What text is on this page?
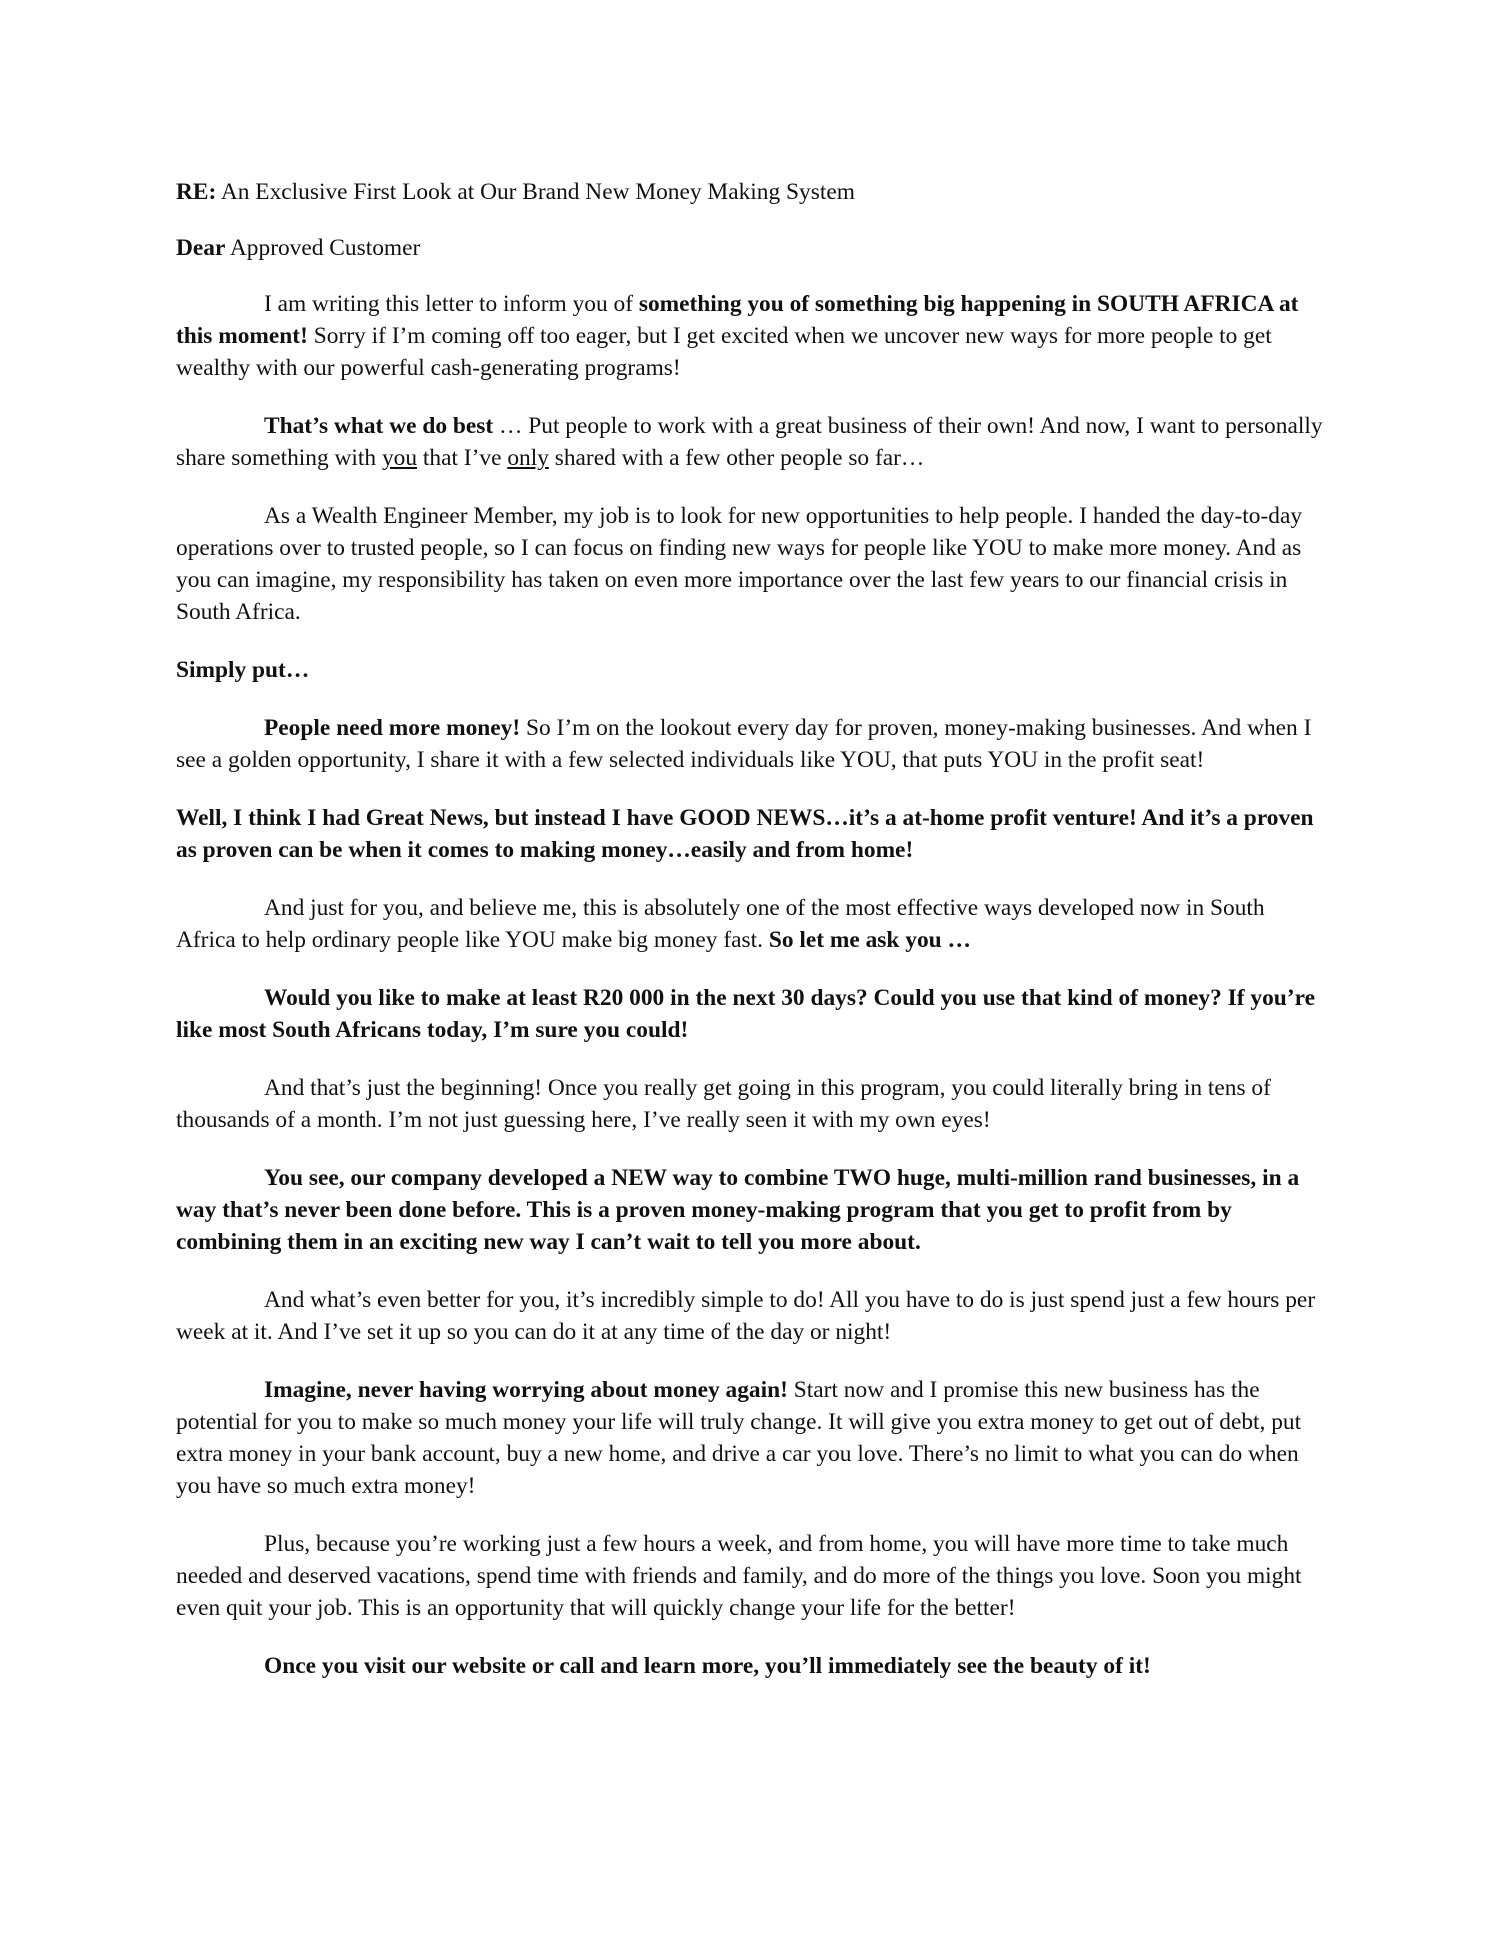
RE: An Exclusive First Look at Our Brand New Money Making System
Dear Approved Customer

I am writing this letter to inform you of something you of something big happening in SOUTH AFRICA at this moment! Sorry if I’m coming off too eager, but I get excited when we uncover new ways for more people to get wealthy with our powerful cash-generating programs!

That’s what we do best … Put people to work with a great business of their own! And now, I want to personally share something with you that I’ve only shared with a few other people so far…

As a Wealth Engineer Member, my job is to look for new opportunities to help people. I handed the day-to-day operations over to trusted people, so I can focus on finding new ways for people like YOU to make more money. And as you can imagine, my responsibility has taken on even more importance over the last few years to our financial crisis in South Africa.

Simply put…

People need more money! So I’m on the lookout every day for proven, money-making businesses. And when I see a golden opportunity, I share it with a few selected individuals like YOU, that puts YOU in the profit seat!

Well, I think I had Great News, but instead I have GOOD NEWS…it’s a at-home profit venture! And it’s a proven as proven can be when it comes to making money…easily and from home!

And just for you, and believe me, this is absolutely one of the most effective ways developed now in South Africa to help ordinary people like YOU make big money fast. So let me ask you …

Would you like to make at least R20 000 in the next 30 days? Could you use that kind of money? If you’re like most South Africans today, I’m sure you could!

And that’s just the beginning! Once you really get going in this program, you could literally bring in tens of thousands of a month. I’m not just guessing here, I’ve really seen it with my own eyes!

You see, our company developed a NEW way to combine TWO huge, multi-million rand businesses, in a way that’s never been done before. This is a proven money-making program that you get to profit from by combining them in an exciting new way I can’t wait to tell you more about.

And what’s even better for you, it’s incredibly simple to do! All you have to do is just spend just a few hours per week at it. And I’ve set it up so you can do it at any time of the day or night!

Imagine, never having worrying about money again! Start now and I promise this new business has the potential for you to make so much money your life will truly change. It will give you extra money to get out of debt, put extra money in your bank account, buy a new home, and drive a car you love. There’s no limit to what you can do when you have so much extra money!

Plus, because you’re working just a few hours a week, and from home, you will have more time to take much needed and deserved vacations, spend time with friends and family, and do more of the things you love. Soon you might even quit your job. This is an opportunity that will quickly change your life for the better!

Once you visit our website or call and learn more, you’ll immediately see the beauty of it!
